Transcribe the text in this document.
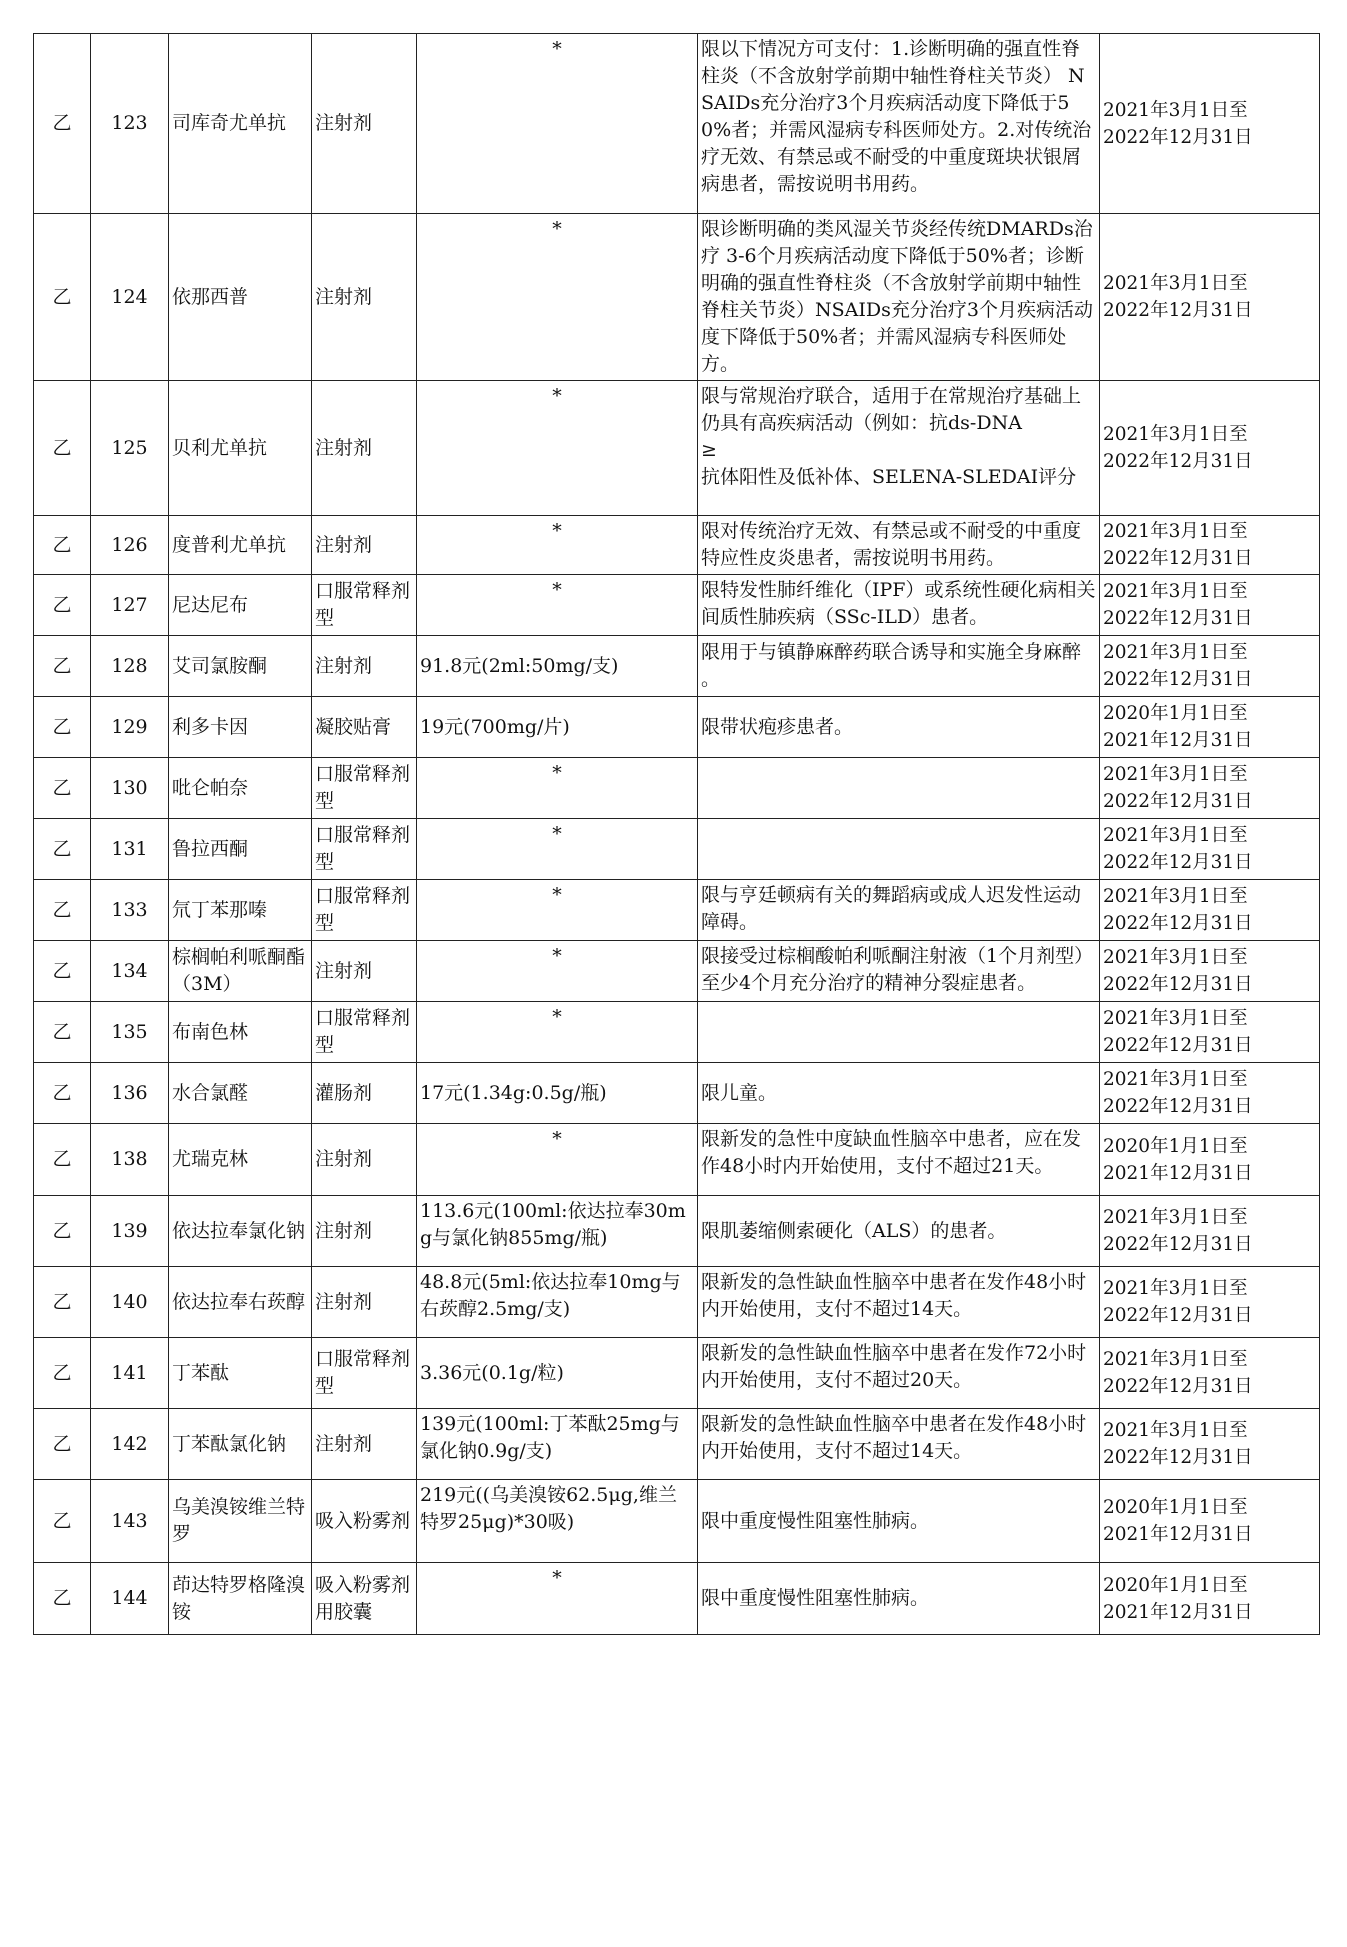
乙	123	司库奇尤单抗	注射剂	*	限以下情况方可支付：1.诊断明确的强直性脊柱炎（不含放射学前期中轴性脊柱关节炎） NSAIDs充分治疗3个月疾病活动度下降低于50%者；并需风湿病专科医师处方。2.对传统治疗无效、有禁忌或不耐受的中重度斑块状银屑病患者，需按说明书用药。	2021年3月1日至
2022年12月31日
乙	124	依那西普	注射剂	*	限诊断明确的类风湿关节炎经传统DMARDs治疗 3-6个月疾病活动度下降低于50%者；诊断明确的强直性脊柱炎（不含放射学前期中轴性脊柱关节炎）NSAIDs充分治疗3个月疾病活动度下降低于50%者；并需风湿病专科医师处方。	2021年3月1日至
2022年12月31日
乙	125	贝利尤单抗	注射剂	*	限与常规治疗联合，适用于在常规治疗基础上仍具有高疾病活动（例如：抗ds-DNA
≥
抗体阳性及低补体、SELENA-SLEDAI评分	2021年3月1日至
2022年12月31日
乙	126	度普利尤单抗	注射剂	*	限对传统治疗无效、有禁忌或不耐受的中重度特应性皮炎患者，需按说明书用药。	2021年3月1日至
2022年12月31日
乙	127	尼达尼布	口服常释剂型	*	限特发性肺纤维化（IPF）或系统性硬化病相关间质性肺疾病（SSc-ILD）患者。	2021年3月1日至
2022年12月31日
乙	128	艾司氯胺酮	注射剂	91.8元(2ml:50mg/支)	限用于与镇静麻醉药联合诱导和实施全身麻醉
。	2021年3月1日至
2022年12月31日
乙	129	利多卡因	凝胶贴膏	19元(700mg/片)	限带状疱疹患者。	2020年1月1日至
2021年12月31日
乙	130	吡仑帕奈	口服常释剂型	*		2021年3月1日至
2022年12月31日
乙	131	鲁拉西酮	口服常释剂型	*		2021年3月1日至
2022年12月31日
乙	133	氘丁苯那嗪	口服常释剂型	*	限与亨廷顿病有关的舞蹈病或成人迟发性运动
障碍。	2021年3月1日至
2022年12月31日
乙	134	棕榈帕利哌酮酯（3M）	注射剂	*	限接受过棕榈酸帕利哌酮注射液（1个月剂型）至少4个月充分治疗的精神分裂症患者。	2021年3月1日至
2022年12月31日
乙	135	布南色林	口服常释剂型	*		2021年3月1日至
2022年12月31日
乙	136	水合氯醛	灌肠剂	17元(1.34g:0.5g/瓶)	限儿童。	2021年3月1日至
2022年12月31日
乙	138	尤瑞克林	注射剂	*	限新发的急性中度缺血性脑卒中患者，应在发作48小时内开始使用，支付不超过21天。	2020年1月1日至
2021年12月31日
乙	139	依达拉奉氯化钠	注射剂	113.6元(100ml:依达拉奉30mg与氯化钠855mg/瓶)	限肌萎缩侧索硬化（ALS）的患者。	2021年3月1日至
2022年12月31日
乙	140	依达拉奉右莰醇	注射剂	48.8元(5ml:依达拉奉10mg与右莰醇2.5mg/支)	限新发的急性缺血性脑卒中患者在发作48小时内开始使用，支付不超过14天。	2021年3月1日至
2022年12月31日
乙	141	丁苯酞	口服常释剂型	3.36元(0.1g/粒)	限新发的急性缺血性脑卒中患者在发作72小时内开始使用，支付不超过20天。	2021年3月1日至
2022年12月31日
乙	142	丁苯酞氯化钠	注射剂	139元(100ml:丁苯酞25mg与氯化钠0.9g/支)	限新发的急性缺血性脑卒中患者在发作48小时内开始使用，支付不超过14天。	2021年3月1日至
2022年12月31日
乙	143	乌美溴铵维兰特罗	吸入粉雾剂	219元((乌美溴铵62.5μg,维兰特罗25μg)*30吸)	限中重度慢性阻塞性肺病。	2020年1月1日至
2021年12月31日
乙	144	茚达特罗格隆溴铵	吸入粉雾剂用胶囊	*	限中重度慢性阻塞性肺病。	2020年1月1日至
2021年12月31日
